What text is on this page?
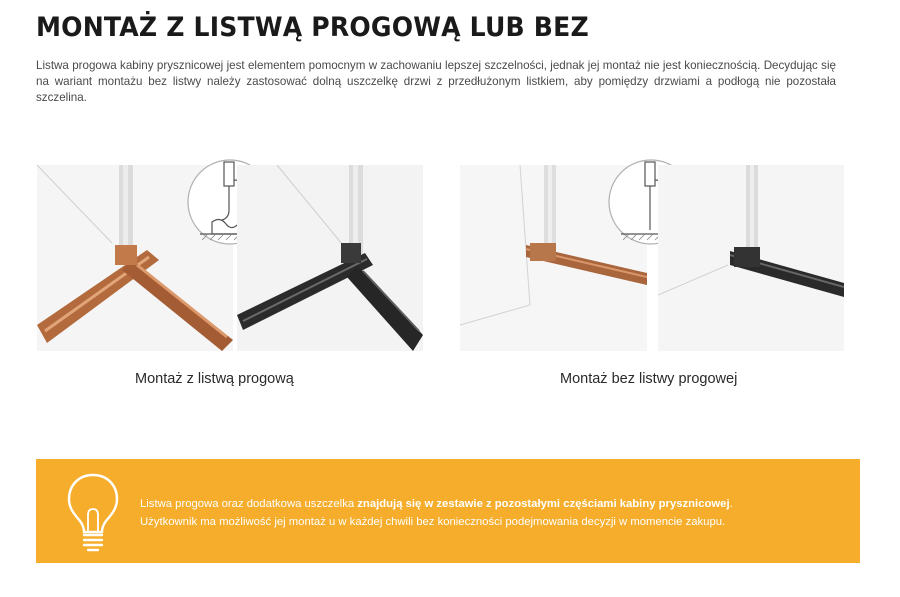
MONTAŻ Z LISTWĄ PROGOWĄ LUB BEZ
Listwa progowa kabiny prysznicowej jest elementem pomocnym w zachowaniu lepszej szczelności, jednak jej montaż nie jest koniecznością. Decydując się na wariant montażu bez listwy należy zastosować dolną uszczelkę drzwi z przedłużonym listkiem, aby pomiędzy drzwiami a podłogą nie pozostała szczelina.
Montaż z listwą progową	Montaż bez listwy progowej
Listwa progowa oraz dodatkowa uszczelka znajdują się w zestawie z pozostałymi częściami kabiny prysznicowej.
Użytkownik ma możliwość jej montaż u w każdej chwili bez konieczności podejmowania decyzji w momencie zakupu.
